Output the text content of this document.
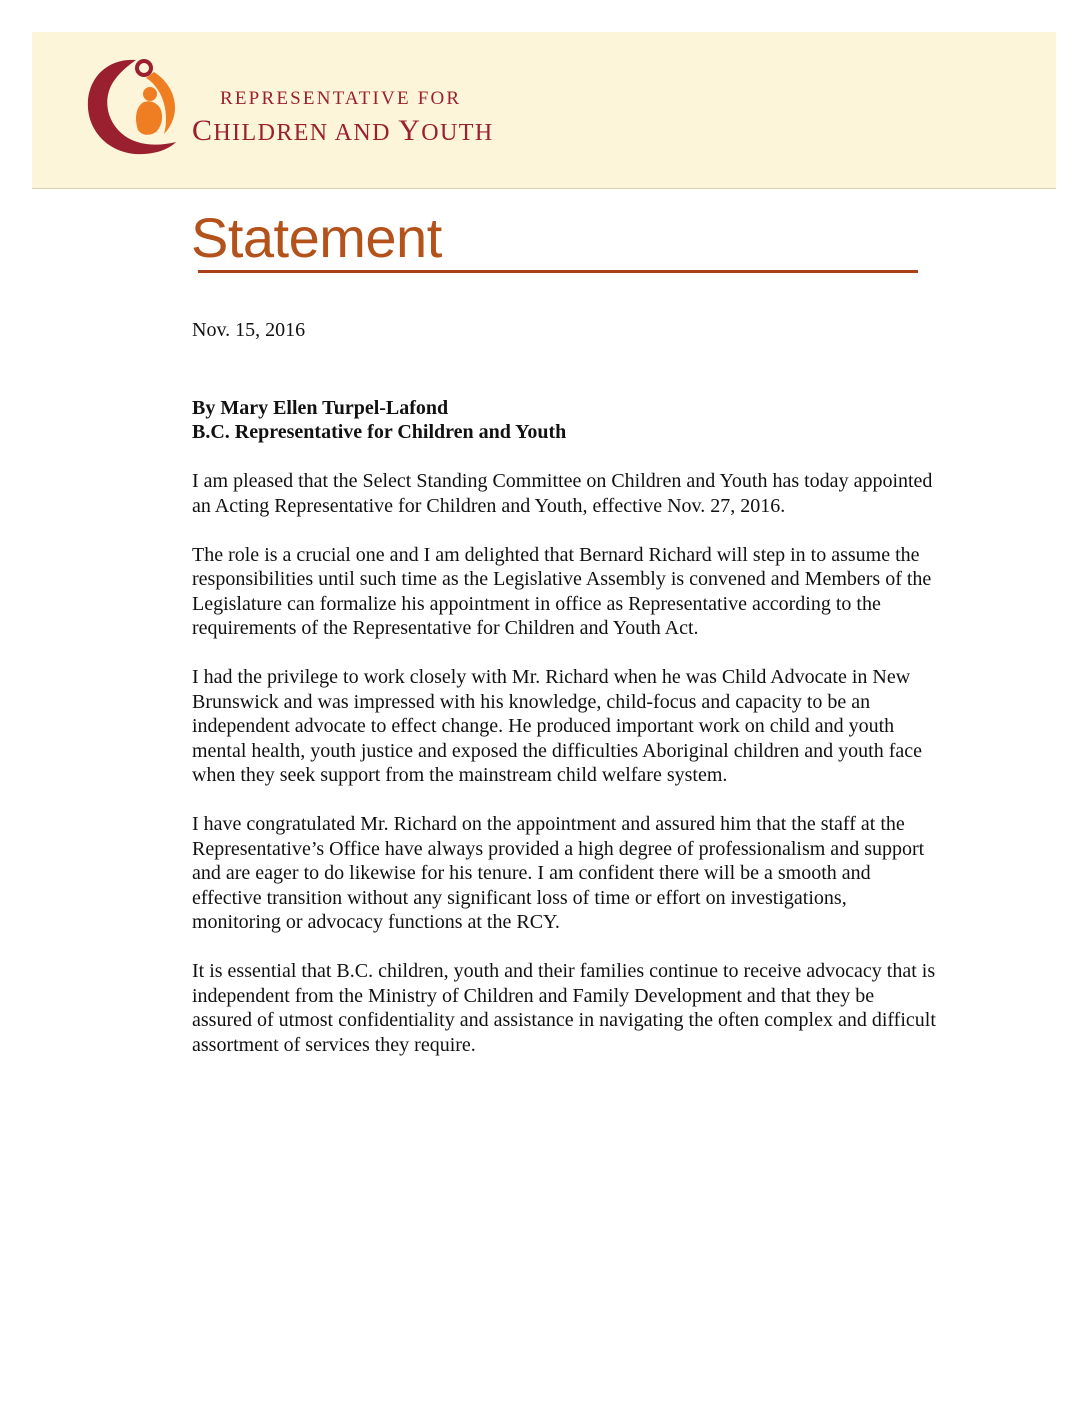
REPRESENTATIVE FOR
CHILDREN AND YOUTH
Statement

Nov. 15, 2016

By Mary Ellen Turpel-Lafond
B.C. Representative for Children and Youth

I am pleased that the Select Standing Committee on Children and Youth has today appointed an Acting Representative for Children and Youth, effective Nov. 27, 2016.

The role is a crucial one and I am delighted that Bernard Richard will step in to assume the responsibilities until such time as the Legislative Assembly is convened and Members of the Legislature can formalize his appointment in office as Representative according to the requirements of the Representative for Children and Youth Act.

I had the privilege to work closely with Mr. Richard when he was Child Advocate in New Brunswick and was impressed with his knowledge, child-focus and capacity to be an independent advocate to effect change. He produced important work on child and youth mental health, youth justice and exposed the difficulties Aboriginal children and youth face when they seek support from the mainstream child welfare system.

I have congratulated Mr. Richard on the appointment and assured him that the staff at the Representative’s Office have always provided a high degree of professionalism and support and are eager to do likewise for his tenure. I am confident there will be a smooth and effective transition without any significant loss of time or effort on investigations, monitoring or advocacy functions at the RCY.

It is essential that B.C. children, youth and their families continue to receive advocacy that is independent from the Ministry of Children and Family Development and that they be assured of utmost confidentiality and assistance in navigating the often complex and difficult assortment of services they require.
